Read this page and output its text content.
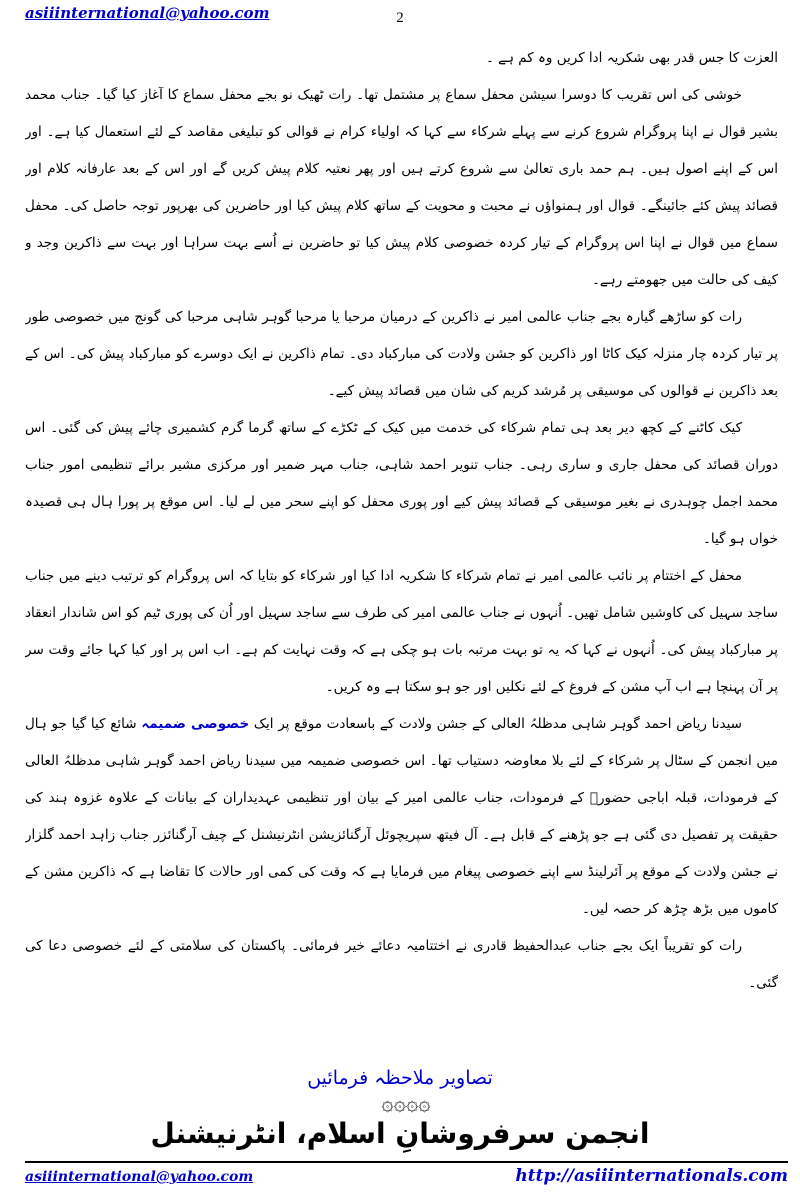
asiiinternational@yahoo.com	2

العزت کا جس قدر بھی شکریہ ادا کریں وہ کم ہے ۔

خوشی کی اس تقریب کا دوسرا سیشن محفل سماع پر مشتمل تھا۔ رات ٹھیک نو بجے محفل سماع کا آغاز کیا گیا۔ جناب محمد بشیر قوال نے اپنا پروگرام شروع کرنے سے پہلے شرکاء سے کہا کہ اولیاء کرام نے قوالی کو تبلیغی مقاصد کے لئے استعمال کیا ہے۔ اور اس کے اپنے اصول ہیں۔ ہم حمد باری تعالیٰ سے شروع کرتے ہیں اور پھر نعتیہ کلام پیش کریں گے اور اس کے بعد عارفانہ کلام اور قصائد پیش کئے جائینگے۔ قوال اور ہمنواؤں نے محبت و محویت کے ساتھ کلام پیش کیا اور حاضرین کی بھرپور توجہ حاصل کی۔ محفل سماع میں قوال نے اپنا اس پروگرام کے تیار کردہ خصوصی کلام پیش کیا تو حاضرین نے اُسے بہت سراہا اور بہت سے ذاکرین وجد و کیف کی حالت میں جھومتے رہے۔

رات کو ساڑھے گیارہ بجے جناب عالمی امیر نے ذاکرین کے درمیان مرحبا یا مرحبا گوہر شاہی مرحبا کی گونج میں خصوصی طور پر تیار کردہ چار منزلہ کیک کاٹا اور ذاکرین کو جشن ولادت کی مبارکباد دی۔ تمام ذاکرین نے ایک دوسرے کو مبارکباد پیش کی۔ اس کے بعد ذاکرین نے قوالوں کی موسیقی پر مُرشد کریم کی شان میں قصائد پیش کیے۔

کیک کاٹنے کے کچھ دیر بعد ہی تمام شرکاء کی خدمت میں کیک کے ٹکڑے کے ساتھ گرما گرم کشمیری چائے پیش کی گئی۔ اس دوران قصائد کی محفل جاری و ساری رہی۔ جناب تنویر احمد شاہی، جناب مہر ضمیر اور مرکزی مشیر برائے تنظیمی امور جناب محمد اجمل چوہدری نے بغیر موسیقی کے قصائد پیش کیے اور پوری محفل کو اپنے سحر میں لے لیا۔ اس موقع پر پورا ہال ہی قصیدہ خواں ہو گیا۔

محفل کے اختتام پر نائب عالمی امیر نے تمام شرکاء کا شکریہ ادا کیا اور شرکاء کو بتایا کہ اس پروگرام کو ترتیب دینے میں جناب ساجد سہیل کی کاوشیں شامل تھیں۔ اُنہوں نے جناب عالمی امیر کی طرف سے ساجد سہیل اور اُن کی پوری ٹیم کو اس شاندار انعقاد پر مبارکباد پیش کی۔ اُنہوں نے کہا کہ یہ تو بہت مرتبہ بات ہو چکی ہے کہ وقت نہایت کم ہے۔ اب اس پر اور کیا کہا جائے وقت سر پر آن پہنچا ہے اب آپ مشن کے فروغ کے لئے نکلیں اور جو ہو سکتا ہے وہ کریں۔

سیدنا ریاض احمد گوہر شاہی مدظلہُ العالی کے جشن ولادت کے باسعادت موقع پر ایک خصوصی ضمیمہ شائع کیا گیا جو ہال میں انجمن کے سٹال پر شرکاء کے لئے بلا معاوضہ دستیاب تھا۔ اس خصوصی ضمیمہ میں سیدنا ریاض احمد گوہر شاہی مدظلہُ العالی کے فرمودات، قبلہ اباجی حضورؒ کے فرمودات، جناب عالمی امیر کے بیان اور تنظیمی عہدیداران کے بیانات کے علاوہ غزوہ ہند کی حقیقت پر تفصیل دی گئی ہے جو پڑھنے کے قابل ہے۔ آل فیتھ سپریچوئل آرگنائزیشن انٹرنیشنل کے چیف آرگنائزر جناب زاہد احمد گلزار نے جشن ولادت کے موقع پر آئرلینڈ سے اپنے خصوصی پیغام میں فرمایا ہے کہ وقت کی کمی اور حالات کا تقاضا ہے کہ ذاکرین مشن کے کاموں میں بڑھ چڑھ کر حصہ لیں۔

رات کو تقریباً ایک بجے جناب عبدالحفیظ قادری نے اختتامیہ دعائے خیر فرمائی۔ پاکستان کی سلامتی کے لئے خصوصی دعا کی گئی۔

تصاویر ملاحظہ فرمائیں
۞۞۞۞
انجمن سرفروشانِ اسلام، انٹرنیشنل
asiiinternational@yahoo.com	http://asiiinternationals.com
